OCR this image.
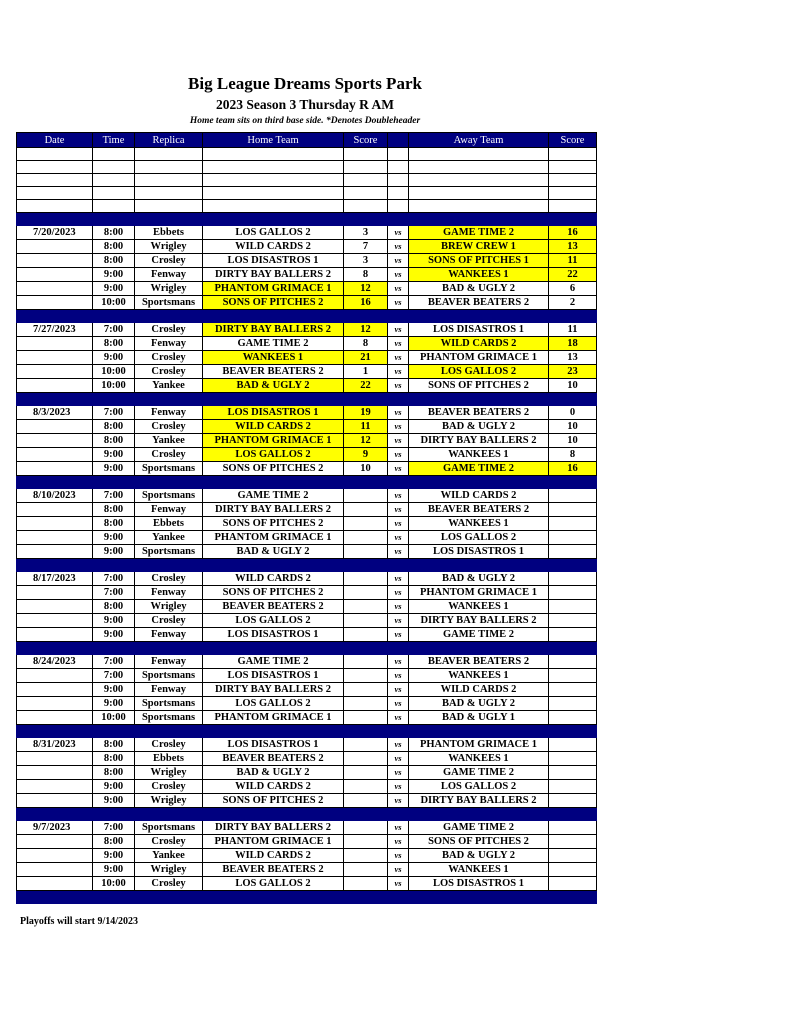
Big League Dreams Sports Park
2023 Season 3 Thursday R AM
Home team sits on third base side. *Denotes Doubleheader
Date	Time	Replica	Home Team	Score		Away Team	Score

7/20/2023	8:00	Ebbets	LOS GALLOS 2	3	vs	GAME TIME 2	16
	8:00	Wrigley	WILD CARDS 2	7	vs	BREW CREW 1	13
	8:00	Crosley	LOS DISASTROS 1	3	vs	SONS OF PITCHES 1	11
	9:00	Fenway	DIRTY BAY BALLERS 2	8	vs	WANKEES 1	22
	9:00	Wrigley	PHANTOM GRIMACE 1	12	vs	BAD & UGLY 2	6
	10:00	Sportsmans	SONS OF PITCHES 2	16	vs	BEAVER BEATERS 2	2

7/27/2023	7:00	Crosley	DIRTY BAY BALLERS 2	12	vs	LOS DISASTROS 1	11
	8:00	Fenway	GAME TIME 2	8	vs	WILD CARDS 2	18
	9:00	Crosley	WANKEES 1	21	vs	PHANTOM GRIMACE 1	13
	10:00	Crosley	BEAVER BEATERS 2	1	vs	LOS GALLOS 2	23
	10:00	Yankee	BAD & UGLY 2	22	vs	SONS OF PITCHES 2	10

8/3/2023	7:00	Fenway	LOS DISASTROS 1	19	vs	BEAVER BEATERS 2	0
	8:00	Crosley	WILD CARDS 2	11	vs	BAD & UGLY 2	10
	8:00	Yankee	PHANTOM GRIMACE 1	12	vs	DIRTY BAY BALLERS 2	10
	9:00	Crosley	LOS GALLOS 2	9	vs	WANKEES 1	8
	9:00	Sportsmans	SONS OF PITCHES 2	10	vs	GAME TIME 2	16

8/10/2023	7:00	Sportsmans	GAME TIME 2		vs	WILD CARDS 2	
	8:00	Fenway	DIRTY BAY BALLERS 2		vs	BEAVER BEATERS 2	
	8:00	Ebbets	SONS OF PITCHES 2		vs	WANKEES 1	
	9:00	Yankee	PHANTOM GRIMACE 1		vs	LOS GALLOS 2	
	9:00	Sportsmans	BAD & UGLY 2		vs	LOS DISASTROS 1	

8/17/2023	7:00	Crosley	WILD CARDS 2		vs	BAD & UGLY 2	
	7:00	Fenway	SONS OF PITCHES 2		vs	PHANTOM GRIMACE 1	
	8:00	Wrigley	BEAVER BEATERS 2		vs	WANKEES 1	
	9:00	Crosley	LOS GALLOS 2		vs	DIRTY BAY BALLERS 2	
	9:00	Fenway	LOS DISASTROS 1		vs	GAME TIME 2	

8/24/2023	7:00	Fenway	GAME TIME 2		vs	BEAVER BEATERS 2	
	7:00	Sportsmans	LOS DISASTROS 1		vs	WANKEES 1	
	9:00	Fenway	DIRTY BAY BALLERS 2		vs	WILD CARDS 2	
	9:00	Sportsmans	LOS GALLOS 2		vs	BAD & UGLY 2	
	10:00	Sportsmans	PHANTOM GRIMACE 1		vs	BAD & UGLY 1	

8/31/2023	8:00	Crosley	LOS DISASTROS 1		vs	PHANTOM GRIMACE 1	
	8:00	Ebbets	BEAVER BEATERS 2		vs	WANKEES 1	
	8:00	Wrigley	BAD & UGLY 2		vs	GAME TIME 2	
	9:00	Crosley	WILD CARDS 2		vs	LOS GALLOS 2	
	9:00	Wrigley	SONS OF PITCHES 2		vs	DIRTY BAY BALLERS 2	

9/7/2023	7:00	Sportsmans	DIRTY BAY BALLERS 2		vs	GAME TIME 2	
	8:00	Crosley	PHANTOM GRIMACE 1		vs	SONS OF PITCHES 2	
	9:00	Yankee	WILD CARDS 2		vs	BAD & UGLY 2	
	9:00	Wrigley	BEAVER BEATERS 2		vs	WANKEES 1	
	10:00	Crosley	LOS GALLOS 2		vs	LOS DISASTROS 1	

Playoffs will start 9/14/2023
